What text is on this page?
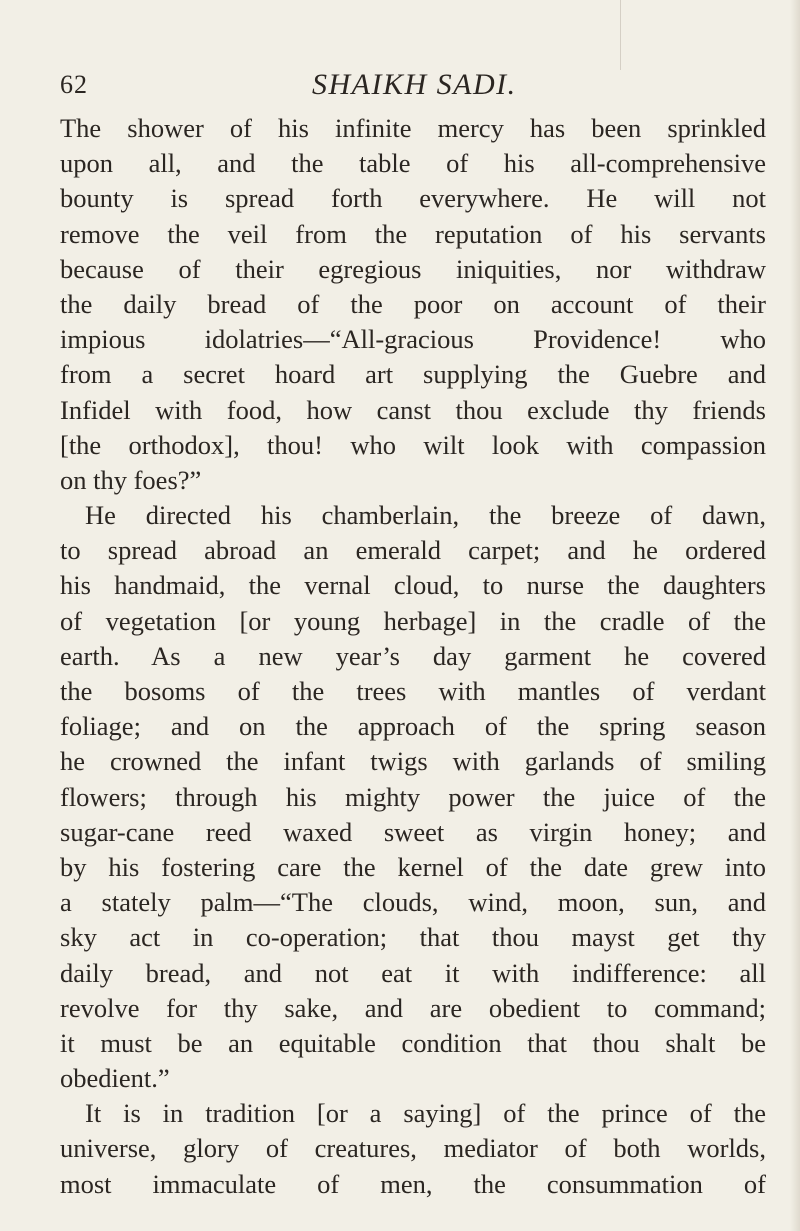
62	SHAIKH SADI.
The shower of his infinite mercy has been sprinkled
upon all, and the table of his all-comprehensive
bounty is spread forth everywhere. He will not
remove the veil from the reputation of his servants
because of their egregious iniquities, nor withdraw
the daily bread of the poor on account of their
impious idolatries—“All-gracious Providence! who
from a secret hoard art supplying the Guebre and
Infidel with food, how canst thou exclude thy friends
[the orthodox], thou! who wilt look with compassion
on thy foes?”
He directed his chamberlain, the breeze of dawn,
to spread abroad an emerald carpet; and he ordered
his handmaid, the vernal cloud, to nurse the daughters
of vegetation [or young herbage] in the cradle of the
earth. As a new year’s day garment he covered
the bosoms of the trees with mantles of verdant
foliage; and on the approach of the spring season
he crowned the infant twigs with garlands of smiling
flowers; through his mighty power the juice of the
sugar-cane reed waxed sweet as virgin honey; and
by his fostering care the kernel of the date grew into
a stately palm—“The clouds, wind, moon, sun, and
sky act in co-operation; that thou mayst get thy
daily bread, and not eat it with indifference: all
revolve for thy sake, and are obedient to command;
it must be an equitable condition that thou shalt be
obedient.”
It is in tradition [or a saying] of the prince of the
universe, glory of creatures, mediator of both worlds,
most immaculate of men, the consummation of
